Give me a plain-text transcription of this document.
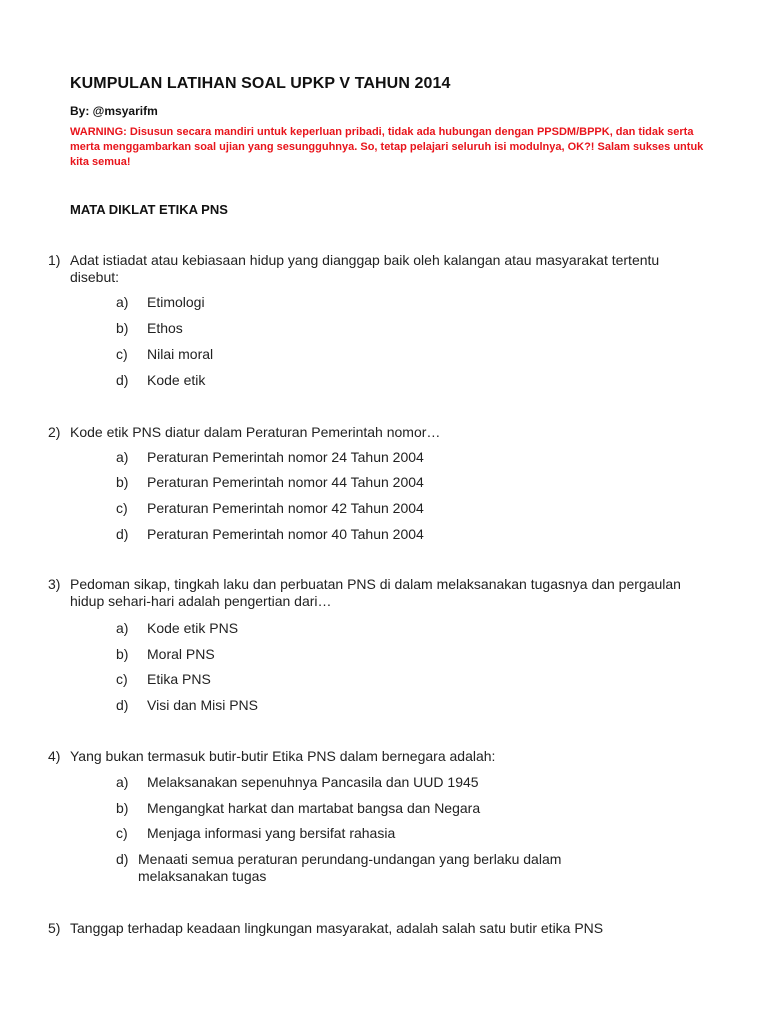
KUMPULAN LATIHAN SOAL UPKP V TAHUN 2014
By: @msyarifm
WARNING: Disusun secara mandiri untuk keperluan pribadi, tidak ada hubungan dengan PPSDM/BPPK, dan tidak serta merta menggambarkan soal ujian yang sesungguhnya. So, tetap pelajari seluruh isi modulnya, OK?! Salam sukses untuk kita semua!
MATA DIKLAT ETIKA PNS
1) Adat istiadat atau kebiasaan hidup yang dianggap baik oleh kalangan atau masyarakat tertentu disebut:
a)	Etimologi
b)	Ethos
c)	Nilai moral
d)	Kode etik
2) Kode etik PNS diatur dalam Peraturan Pemerintah nomor…
a)	Peraturan Pemerintah nomor 24 Tahun 2004
b)	Peraturan Pemerintah nomor 44 Tahun 2004
c)	Peraturan Pemerintah nomor 42 Tahun 2004
d)	Peraturan Pemerintah nomor 40 Tahun 2004
3) Pedoman sikap, tingkah laku dan perbuatan PNS di dalam melaksanakan tugasnya dan pergaulan hidup sehari-hari adalah pengertian dari…
a)	Kode etik PNS
b)	Moral PNS
c)	Etika PNS
d)	Visi dan Misi PNS
4) Yang bukan termasuk butir-butir Etika PNS dalam bernegara adalah:
a)	Melaksanakan sepenuhnya Pancasila dan UUD 1945
b)	Mengangkat harkat dan martabat bangsa dan Negara
c)	Menjaga informasi yang bersifat rahasia
d) Menaati semua peraturan perundang-undangan yang berlaku dalam melaksanakan tugas
5) Tanggap terhadap keadaan lingkungan masyarakat, adalah salah satu butir etika PNS
